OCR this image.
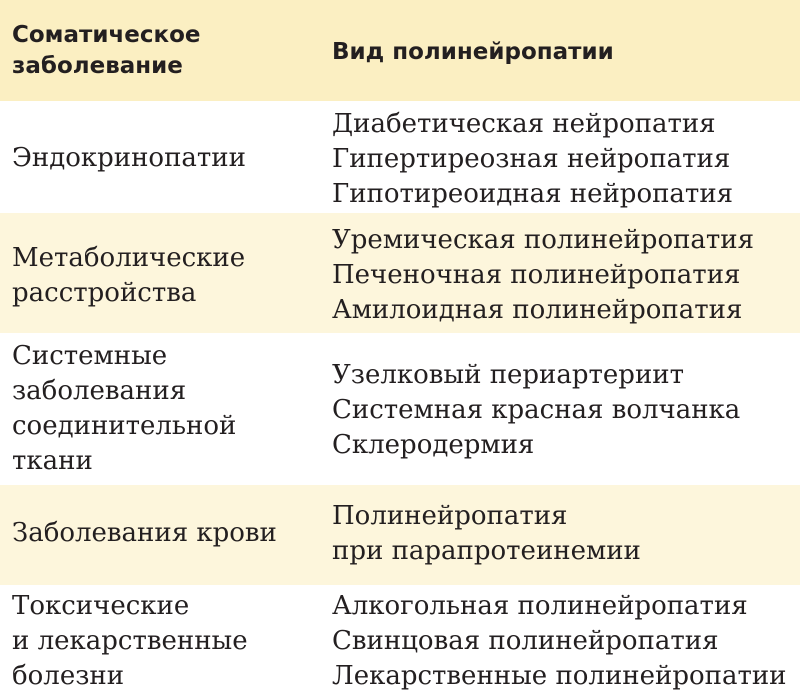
Соматическое
заболевание
Вид полинейропатии
Эндокринопатии
Диабетическая нейропатия
Гипертиреозная нейропатия
Гипотиреоидная нейропатия
Метаболические
расстройства
Уремическая полинейропатия
Печеночная полинейропатия
Амилоидная полинейропатия
Системные
заболевания
соединительной
ткани
Узелковый периартериит
Системная красная волчанка
Склеродермия
Заболевания крови
Полинейропатия
при парапротеинемии
Токсические
и лекарственные
болезни
Алкогольная полинейропатия
Свинцовая полинейропатия
Лекарственные полинейропатии
